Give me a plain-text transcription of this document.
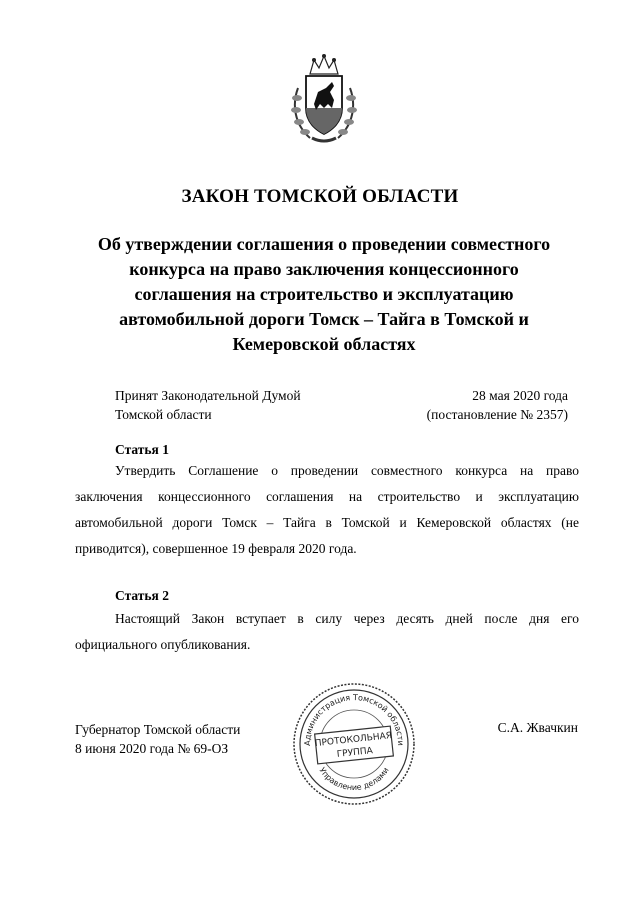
ЗАКОН ТОМСКОЙ ОБЛАСТИ
Об утверждении соглашения о проведении совместного
конкурса на право заключения концессионного
соглашения на строительство и эксплуатацию
автомобильной дороги Томск – Тайга в Томской и
Кемеровской областях
Принят Законодательной Думой
Томской области
28 мая 2020 года
(постановление № 2357)
Статья 1
Утвердить Соглашение о проведении совместного конкурса на право заключения концессионного соглашения на строительство и эксплуатацию автомобильной дороги Томск – Тайга в Томской и Кемеровской областях (не приводится), совершенное 19 февраля 2020 года.
Статья 2
Настоящий Закон вступает в силу через десять дней после дня его официального опубликования.
Губернатор Томской области
8 июня 2020 года № 69-ОЗ
С.А. Жвачкин
Администрация Томской области
Управление делами
ПРОТОКОЛЬНАЯ
ГРУППА
